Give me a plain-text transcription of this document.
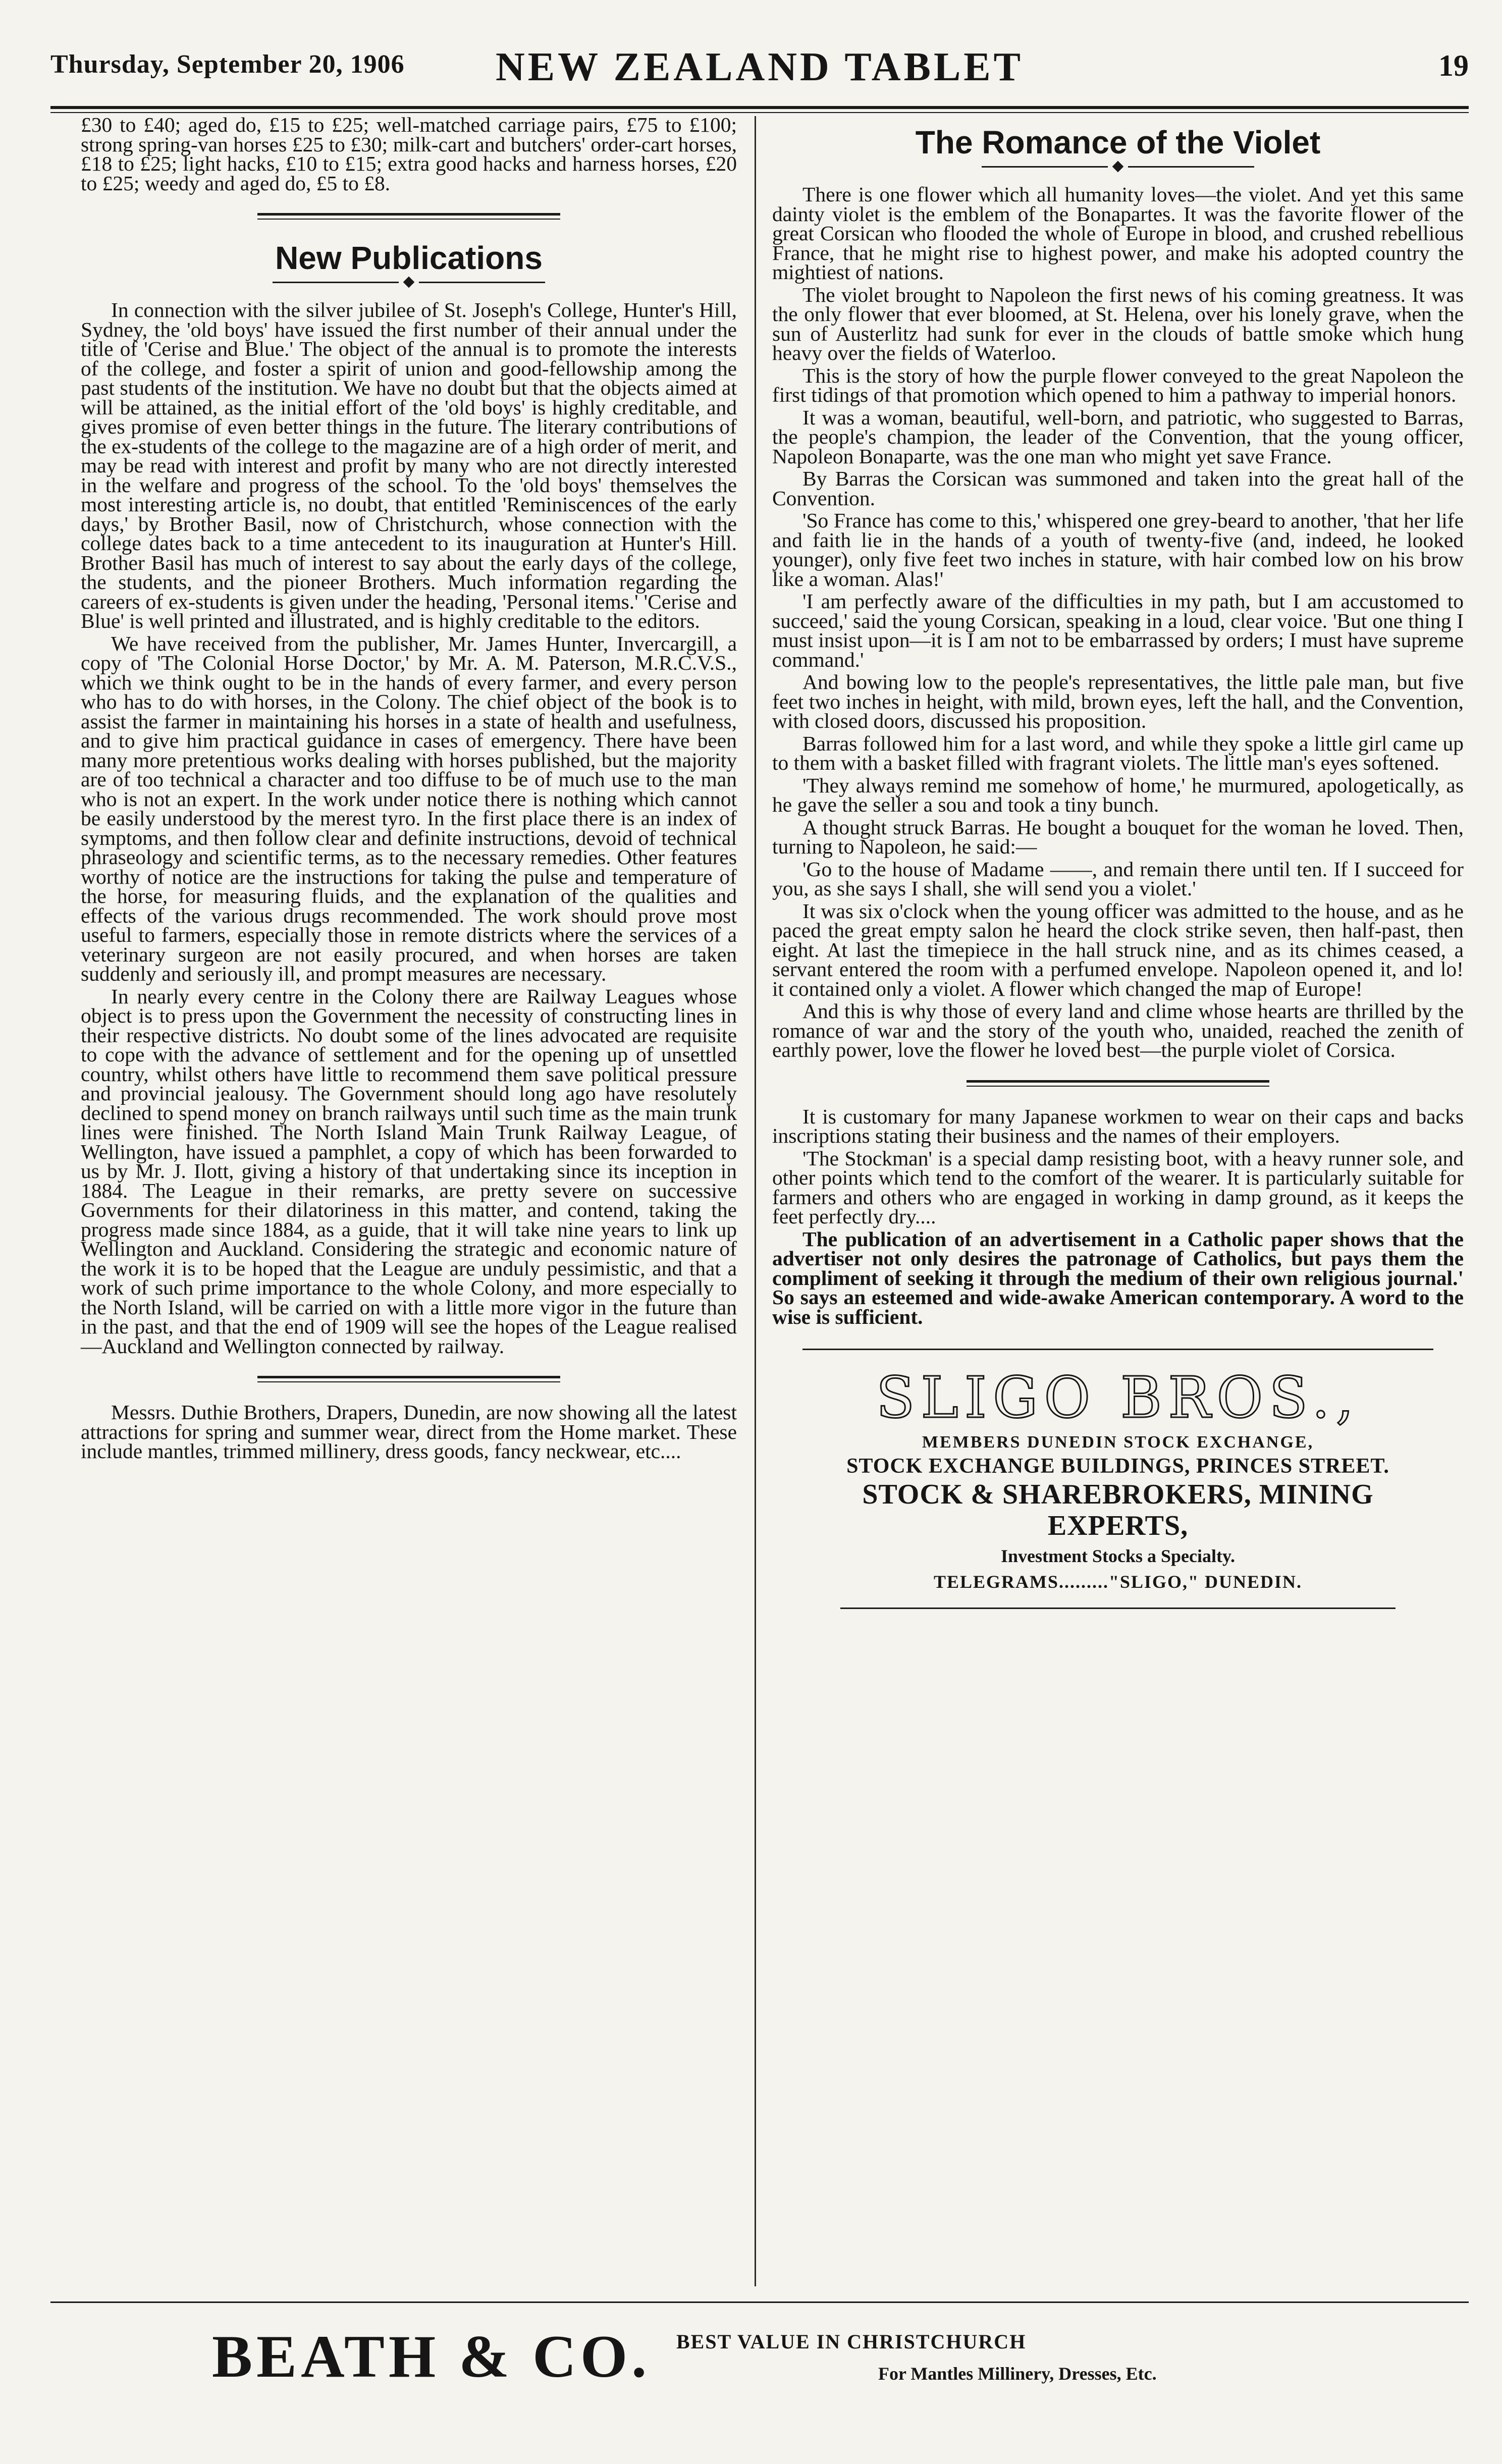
Thursday, September 20, 1906	NEW ZEALAND TABLET	19

£30 to £40; aged do, £15 to £25; well-matched carriage pairs, £75 to £100; strong spring-van horses £25 to £30; milk-cart and butchers' order-cart horses, £18 to £25; light hacks, £10 to £15; extra good hacks and harness horses, £20 to £25; weedy and aged do, £5 to £8.

New Publications

In connection with the silver jubilee of St. Joseph's College, Hunter's Hill, Sydney, the 'old boys' have issued the first number of their annual under the title of 'Cerise and Blue.' The object of the annual is to promote the interests of the college, and foster a spirit of union and good-fellowship among the past students of the institution. We have no doubt but that the objects aimed at will be attained, as the initial effort of the 'old boys' is highly creditable, and gives promise of even better things in the future. The literary contributions of the ex-students of the college to the magazine are of a high order of merit, and may be read with interest and profit by many who are not directly interested in the welfare and progress of the school. To the 'old boys' themselves the most interesting article is, no doubt, that entitled 'Reminiscences of the early days,' by Brother Basil, now of Christchurch, whose connection with the college dates back to a time antecedent to its inauguration at Hunter's Hill. Brother Basil has much of interest to say about the early days of the college, the students, and the pioneer Brothers. Much information regarding the careers of ex-students is given under the heading, 'Personal items.' 'Cerise and Blue' is well printed and illustrated, and is highly creditable to the editors.

We have received from the publisher, Mr. James Hunter, Invercargill, a copy of 'The Colonial Horse Doctor,' by Mr. A. M. Paterson, M.R.C.V.S., which we think ought to be in the hands of every farmer, and every person who has to do with horses, in the Colony. The chief object of the book is to assist the farmer in maintaining his horses in a state of health and usefulness, and to give him practical guidance in cases of emergency. There have been many more pretentious works dealing with horses published, but the majority are of too technical a character and too diffuse to be of much use to the man who is not an expert. In the work under notice there is nothing which cannot be easily understood by the merest tyro. In the first place there is an index of symptoms, and then follow clear and definite instructions, devoid of technical phraseology and scientific terms, as to the necessary remedies. Other features worthy of notice are the instructions for taking the pulse and temperature of the horse, for measuring fluids, and the explanation of the qualities and effects of the various drugs recommended. The work should prove most useful to farmers, especially those in remote districts where the services of a veterinary surgeon are not easily procured, and when horses are taken suddenly and seriously ill, and prompt measures are necessary.

In nearly every centre in the Colony there are Railway Leagues whose object is to press upon the Government the necessity of constructing lines in their respective districts. No doubt some of the lines advocated are requisite to cope with the advance of settlement and for the opening up of unsettled country, whilst others have little to recommend them save political pressure and provincial jealousy. The Government should long ago have resolutely declined to spend money on branch railways until such time as the main trunk lines were finished. The North Island Main Trunk Railway League, of Wellington, have issued a pamphlet, a copy of which has been forwarded to us by Mr. J. Ilott, giving a history of that undertaking since its inception in 1884. The League in their remarks, are pretty severe on successive Governments for their dilatoriness in this matter, and contend, taking the progress made since 1884, as a guide, that it will take nine years to link up Wellington and Auckland. Considering the strategic and economic nature of the work it is to be hoped that the League are unduly pessimistic, and that a work of such prime importance to the whole Colony, and more especially to the North Island, will be carried on with a little more vigor in the future than in the past, and that the end of 1909 will see the hopes of the League realised—Auckland and Wellington connected by railway.

Messrs. Duthie Brothers, Drapers, Dunedin, are now showing all the latest attractions for spring and summer wear, direct from the Home market. These include mantles, trimmed millinery, dress goods, fancy neckwear, etc....

The Romance of the Violet

There is one flower which all humanity loves—the violet. And yet this same dainty violet is the emblem of the Bonapartes. It was the favorite flower of the great Corsican who flooded the whole of Europe in blood, and crushed rebellious France, that he might rise to highest power, and make his adopted country the mightiest of nations.

The violet brought to Napoleon the first news of his coming greatness. It was the only flower that ever bloomed, at St. Helena, over his lonely grave, when the sun of Austerlitz had sunk for ever in the clouds of battle smoke which hung heavy over the fields of Waterloo.

This is the story of how the purple flower conveyed to the great Napoleon the first tidings of that promotion which opened to him a pathway to imperial honors.

It was a woman, beautiful, well-born, and patriotic, who suggested to Barras, the people's champion, the leader of the Convention, that the young officer, Napoleon Bonaparte, was the one man who might yet save France.

By Barras the Corsican was summoned and taken into the great hall of the Convention.

'So France has come to this,' whispered one grey-beard to another, 'that her life and faith lie in the hands of a youth of twenty-five (and, indeed, he looked younger), only five feet two inches in stature, with hair combed low on his brow like a woman. Alas!'

'I am perfectly aware of the difficulties in my path, but I am accustomed to succeed,' said the young Corsican, speaking in a loud, clear voice. 'But one thing I must insist upon—it is I am not to be embarrassed by orders; I must have supreme command.'

And bowing low to the people's representatives, the little pale man, but five feet two inches in height, with mild, brown eyes, left the hall, and the Convention, with closed doors, discussed his proposition.

Barras followed him for a last word, and while they spoke a little girl came up to them with a basket filled with fragrant violets. The little man's eyes softened.

'They always remind me somehow of home,' he murmured, apologetically, as he gave the seller a sou and took a tiny bunch.

A thought struck Barras. He bought a bouquet for the woman he loved. Then, turning to Napoleon, he said:—

'Go to the house of Madame ——, and remain there until ten. If I succeed for you, as she says I shall, she will send you a violet.'

It was six o'clock when the young officer was admitted to the house, and as he paced the great empty salon he heard the clock strike seven, then half-past, then eight. At last the timepiece in the hall struck nine, and as its chimes ceased, a servant entered the room with a perfumed envelope. Napoleon opened it, and lo! it contained only a violet. A flower which changed the map of Europe!

And this is why those of every land and clime whose hearts are thrilled by the romance of war and the story of the youth who, unaided, reached the zenith of earthly power, love the flower he loved best—the purple violet of Corsica.

It is customary for many Japanese workmen to wear on their caps and backs inscriptions stating their business and the names of their employers.

'The Stockman' is a special damp resisting boot, with a heavy runner sole, and other points which tend to the comfort of the wearer. It is particularly suitable for farmers and others who are engaged in working in damp ground, as it keeps the feet perfectly dry....

The publication of an advertisement in a Catholic paper shows that the advertiser not only desires the patronage of Catholics, but pays them the compliment of seeking it through the medium of their own religious journal.' So says an esteemed and wide-awake American contemporary. A word to the wise is sufficient.

SLIGO BROS.,
MEMBERS DUNEDIN STOCK EXCHANGE,
STOCK EXCHANGE BUILDINGS, PRINCES STREET.
STOCK & SHAREBROKERS, MINING EXPERTS,
Investment Stocks a Specialty.
TELEGRAMS........."SLIGO," DUNEDIN.
BEATH & CO. BEST VALUE IN CHRISTCHURCH
For Mantles Millinery, Dresses, Etc.
